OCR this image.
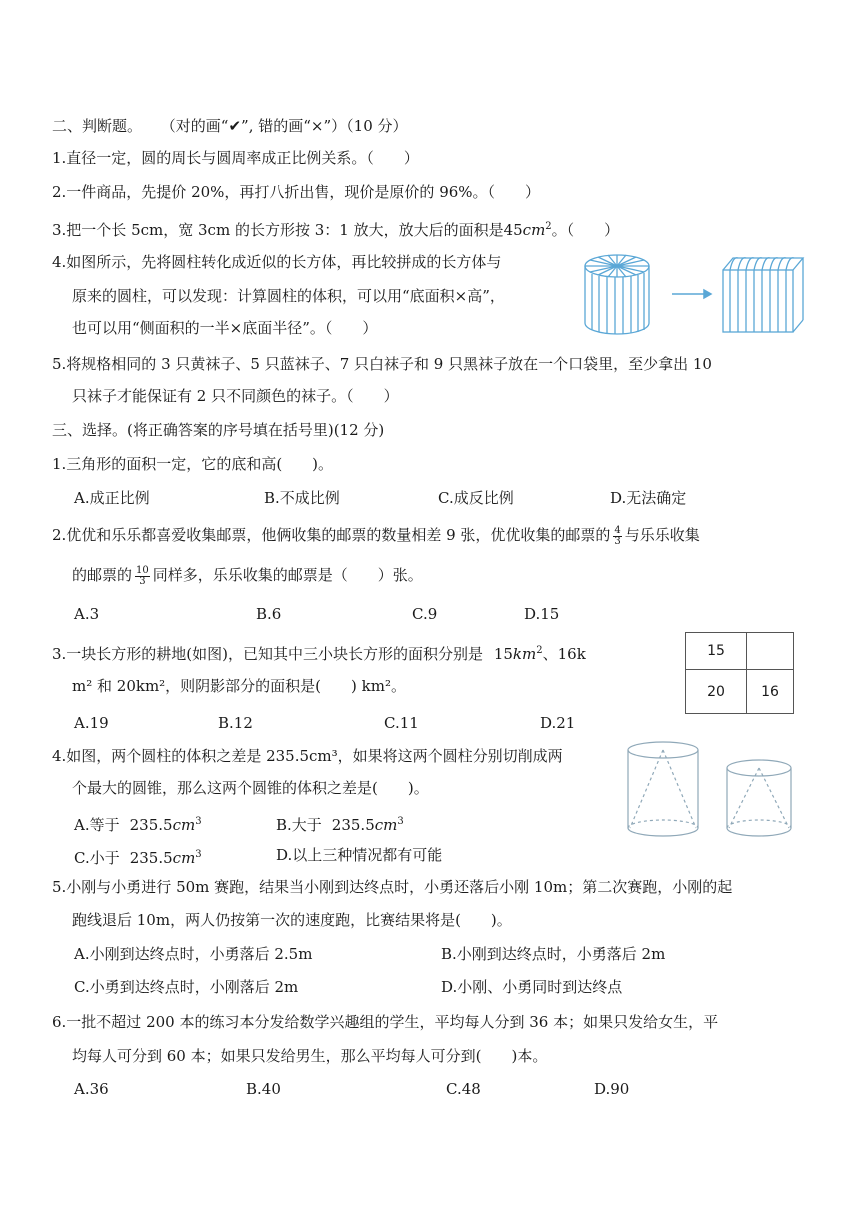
二、判断题。 （对的画“✔”, 错的画“×”）（10 分）
1.直径一定，圆的周长与圆周率成正比例关系。（　　）
2.一件商品，先提价 20%，再打八折出售，现价是原价的 96%。（　　）
3.把一个长 5cm，宽 3cm 的长方形按 3：1 放大，放大后的面积是$45cm^2$。（　　）
4.如图所示，先将圆柱转化成近似的长方体，再比较拼成的长方体与
原来的圆柱，可以发现：计算圆柱的体积，可以用“底面积×高”，
也可以用“侧面积的一半×底面半径”。（　　）
5.将规格相同的 3 只黄袜子、5 只蓝袜子、7 只白袜子和 9 只黑袜子放在一个口袋里，至少拿出 10
只袜子才能保证有 2 只不同颜色的袜子。（　　）
三、选择。(将正确答案的序号填在括号里)(12 分)
1.三角形的面积一定，它的底和高(　　)。
A.成正比例	B.不成比例	C.成反比例	D.无法确定
2.优优和乐乐都喜爱收集邮票，他俩收集的邮票的数量相差 9 张，优优收集的邮票的 $\frac{4}{3}$ 与乐乐收集
的邮票的 $\frac{10}{3}$ 同样多，乐乐收集的邮票是（　　）张。
A.3	B.6	C.9	D.15
3.一块长方形的耕地(如图)，已知其中三小块长方形的面积分别是 $15km^2$、16k
m² 和 20km²，则阴影部分的面积是(　　) km²。
15
20	16
A.19	B.12	C.11	D.21
4.如图，两个圆柱的体积之差是 235.5cm³，如果将这两个圆柱分别切削成两
个最大的圆锥，那么这两个圆锥的体积之差是(　　)。
A.等于 $235.5cm^3$	B.大于 $235.5cm^3$
C.小于 $235.5cm^3$	D.以上三种情况都有可能
5.小刚与小勇进行 50m 赛跑，结果当小刚到达终点时，小勇还落后小刚 10m；第二次赛跑，小刚的起
跑线退后 10m，两人仍按第一次的速度跑，比赛结果将是(　　)。
A.小刚到达终点时，小勇落后 2.5m	B.小刚到达终点时，小勇落后 2m
C.小勇到达终点时，小刚落后 2m	D.小刚、小勇同时到达终点
6.一批不超过 200 本的练习本分发给数学兴趣组的学生，平均每人分到 36 本；如果只发给女生，平
均每人可分到 60 本；如果只发给男生，那么平均每人可分到(　　)本。
A.36	B.40	C.48	D.90
